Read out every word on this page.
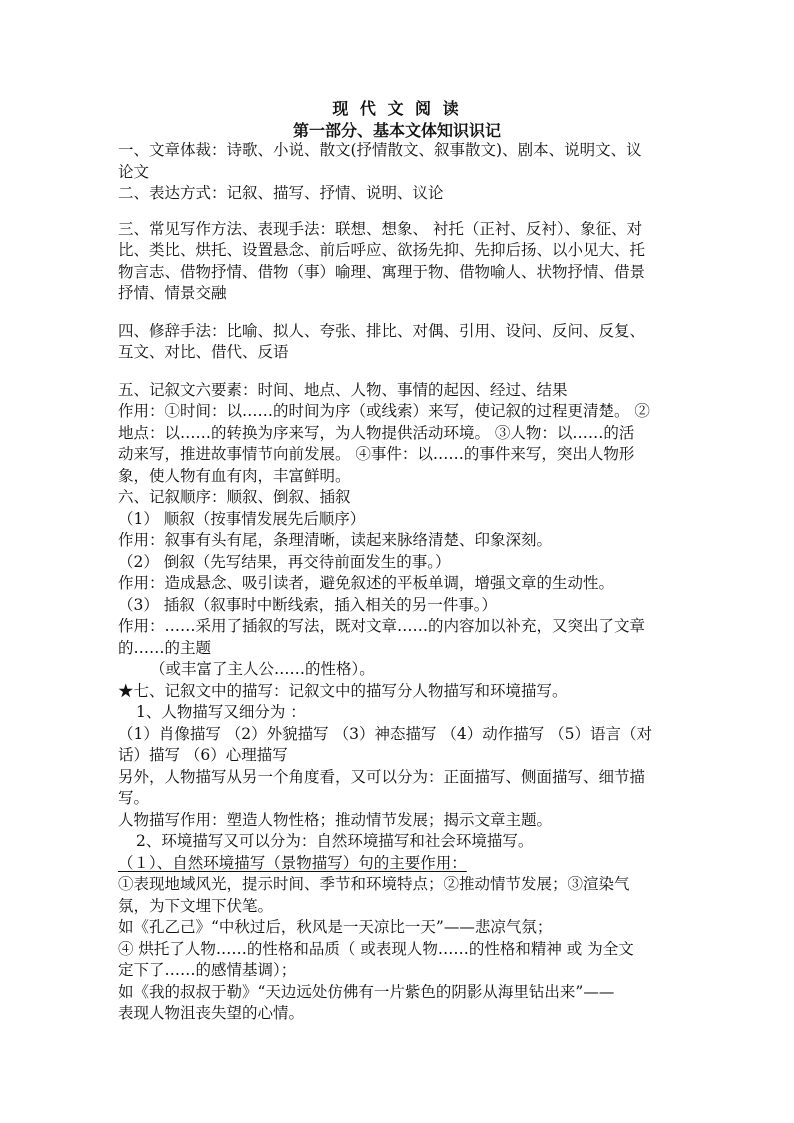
现 代 文 阅 读
第一部分、基本文体知识识记
一、文章体裁：诗歌、小说、散文(抒情散文、叙事散文)、剧本、说明文、议
论文
二、表达方式：记叙、描写、抒情、说明、议论
三、常见写作方法、表现手法：联想、想象、 衬托（正衬、反衬）、象征、对
比、类比、烘托、设置悬念、前后呼应、欲扬先抑、先抑后扬、以小见大、托
物言志、借物抒情、借物（事）喻理、寓理于物、借物喻人、状物抒情、借景
抒情、情景交融
四、修辞手法：比喻、拟人、夸张、排比、对偶、引用、设问、反问、反复、
互文、对比、借代、反语
五、记叙文六要素：时间、地点、人物、事情的起因、经过、结果
作用：①时间：以……的时间为序（或线索）来写，使记叙的过程更清楚。 ②
地点：以……的转换为序来写，为人物提供活动环境。 ③人物：以……的活
动来写，推进故事情节向前发展。 ④事件：以……的事件来写，突出人物形
象，使人物有血有肉，丰富鲜明。
六、记叙顺序：顺叙、倒叙、插叙
（1） 顺叙（按事情发展先后顺序）
作用：叙事有头有尾，条理清晰，读起来脉络清楚、印象深刻。
（2） 倒叙（先写结果，再交待前面发生的事。）
作用：造成悬念、吸引读者，避免叙述的平板单调，增强文章的生动性。
（3） 插叙（叙事时中断线索，插入相关的另一件事。）
作用：……采用了插叙的写法，既对文章……的内容加以补充，又突出了文章
的……的主题
（或丰富了主人公……的性格）。
★七、记叙文中的描写：记叙文中的描写分人物描写和环境描写。
1、人物描写又细分为 ：
（1）肖像描写 （2）外貌描写 （3）神态描写 （4）动作描写 （5）语言（对
话）描写 （6）心理描写
另外，人物描写从另一个角度看，又可以分为：正面描写、侧面描写、细节描
写。
人物描写作用：塑造人物性格；推动情节发展；揭示文章主题。
2、环境描写又可以分为：自然环境描写和社会环境描写。
（１）、自然环境描写（景物描写）句的主要作用：
①表现地域风光，提示时间、季节和环境特点；②推动情节发展；③渲染气
氛，为下文埋下伏笔。
如《孔乙己》“中秋过后，秋风是一天凉比一天”——悲凉气氛；
④ 烘托了人物……的性格和品质（ 或表现人物……的性格和精神 或 为全文
定下了……的感情基调）；
如《我的叔叔于勒》“天边远处仿佛有一片紫色的阴影从海里钻出来”——
表现人物沮丧失望的心情。
